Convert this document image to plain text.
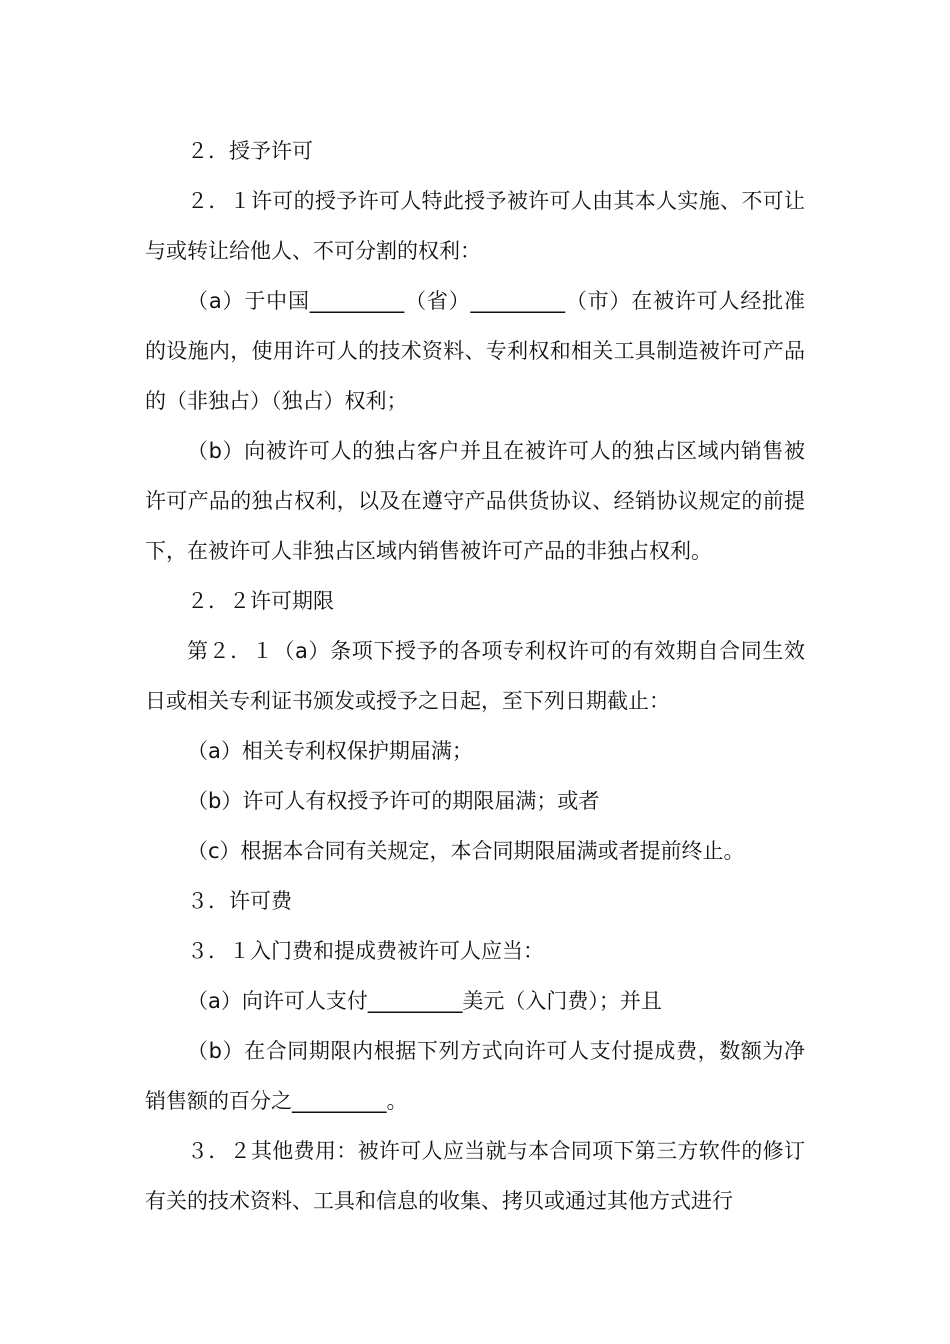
２．授予许可

２．１许可的授予许可人特此授予被许可人由其本人实施、不可让与或转让给他人、不可分割的权利：

（a）于中国_________（省）_________（市）在被许可人经批准的设施内，使用许可人的技术资料、专利权和相关工具制造被许可产品的（非独占）（独占）权利；

（b）向被许可人的独占客户并且在被许可人的独占区域内销售被许可产品的独占权利，以及在遵守产品供货协议、经销协议规定的前提下，在被许可人非独占区域内销售被许可产品的非独占权利。

２．２许可期限

第２．１（a）条项下授予的各项专利权许可的有效期自合同生效日或相关专利证书颁发或授予之日起，至下列日期截止：

（a）相关专利权保护期届满；

（b）许可人有权授予许可的期限届满；或者

（c）根据本合同有关规定，本合同期限届满或者提前终止。

３．许可费

３．１入门费和提成费被许可人应当：

（a）向许可人支付_________美元（入门费）；并且

（b）在合同期限内根据下列方式向许可人支付提成费，数额为净销售额的百分之_________。

３．２其他费用：被许可人应当就与本合同项下第三方软件的修订有关的技术资料、工具和信息的收集、拷贝或通过其他方式进行
